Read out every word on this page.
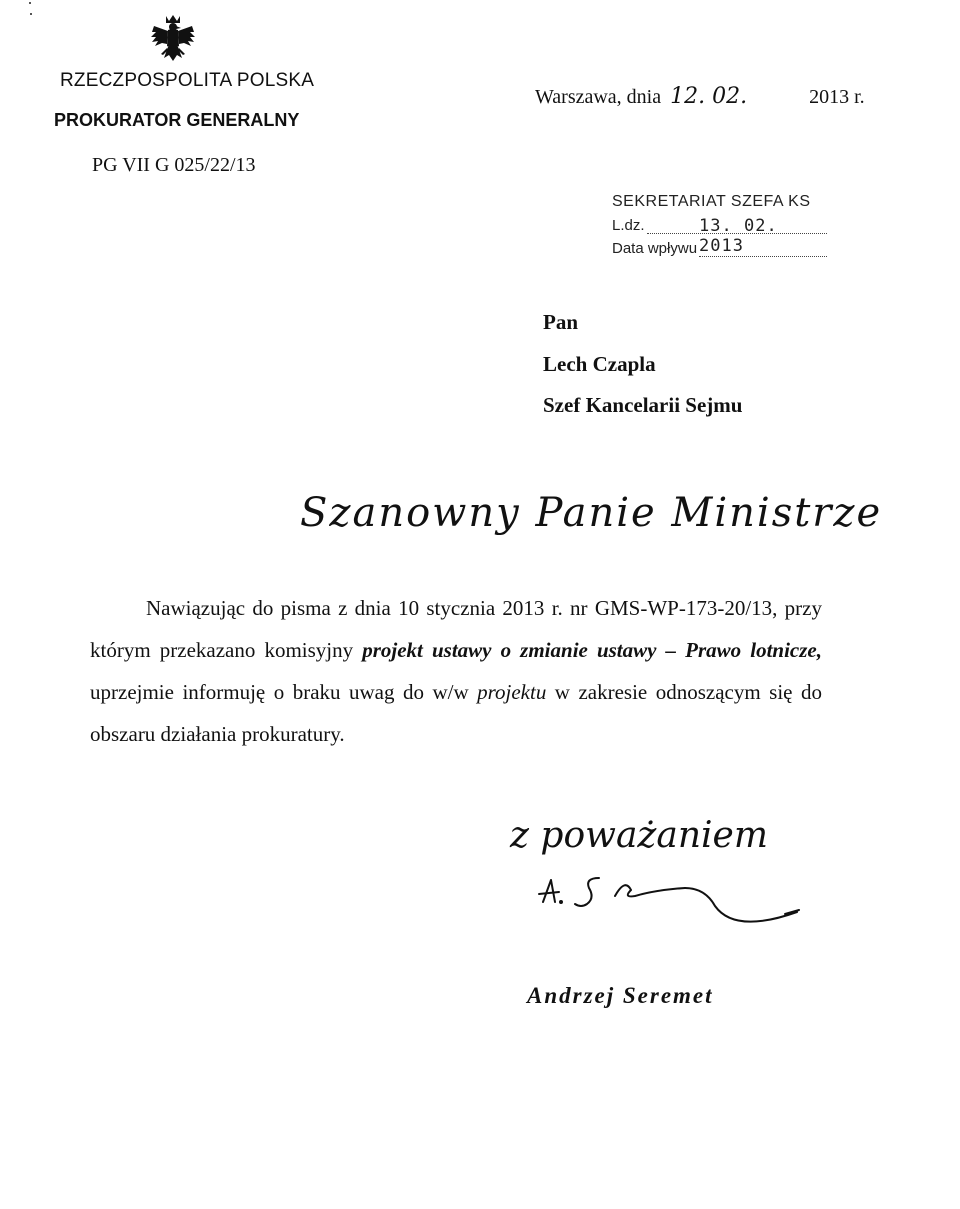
RZECZPOSPOLITA POLSKA
PROKURATOR GENERALNY
PG VII G 025/22/13
Warszawa, dnia 12. 02.	2013 r.
SEKRETARIAT SZEFA KS
L.dz.
Data wpływu
13. 02. 2013
Pan
Lech Czapla
Szef Kancelarii Sejmu
Szanowny Panie Ministrze
Nawiązując do pisma z dnia 10 stycznia 2013 r. nr GMS-WP-173-20/13, przy którym przekazano komisyjny projekt ustawy o zmianie ustawy – Prawo lotnicze, uprzejmie informuję o braku uwag do w/w projektu w zakresie odnoszącym się do obszaru działania prokuratury.
z poważaniem
Andrzej Seremet
